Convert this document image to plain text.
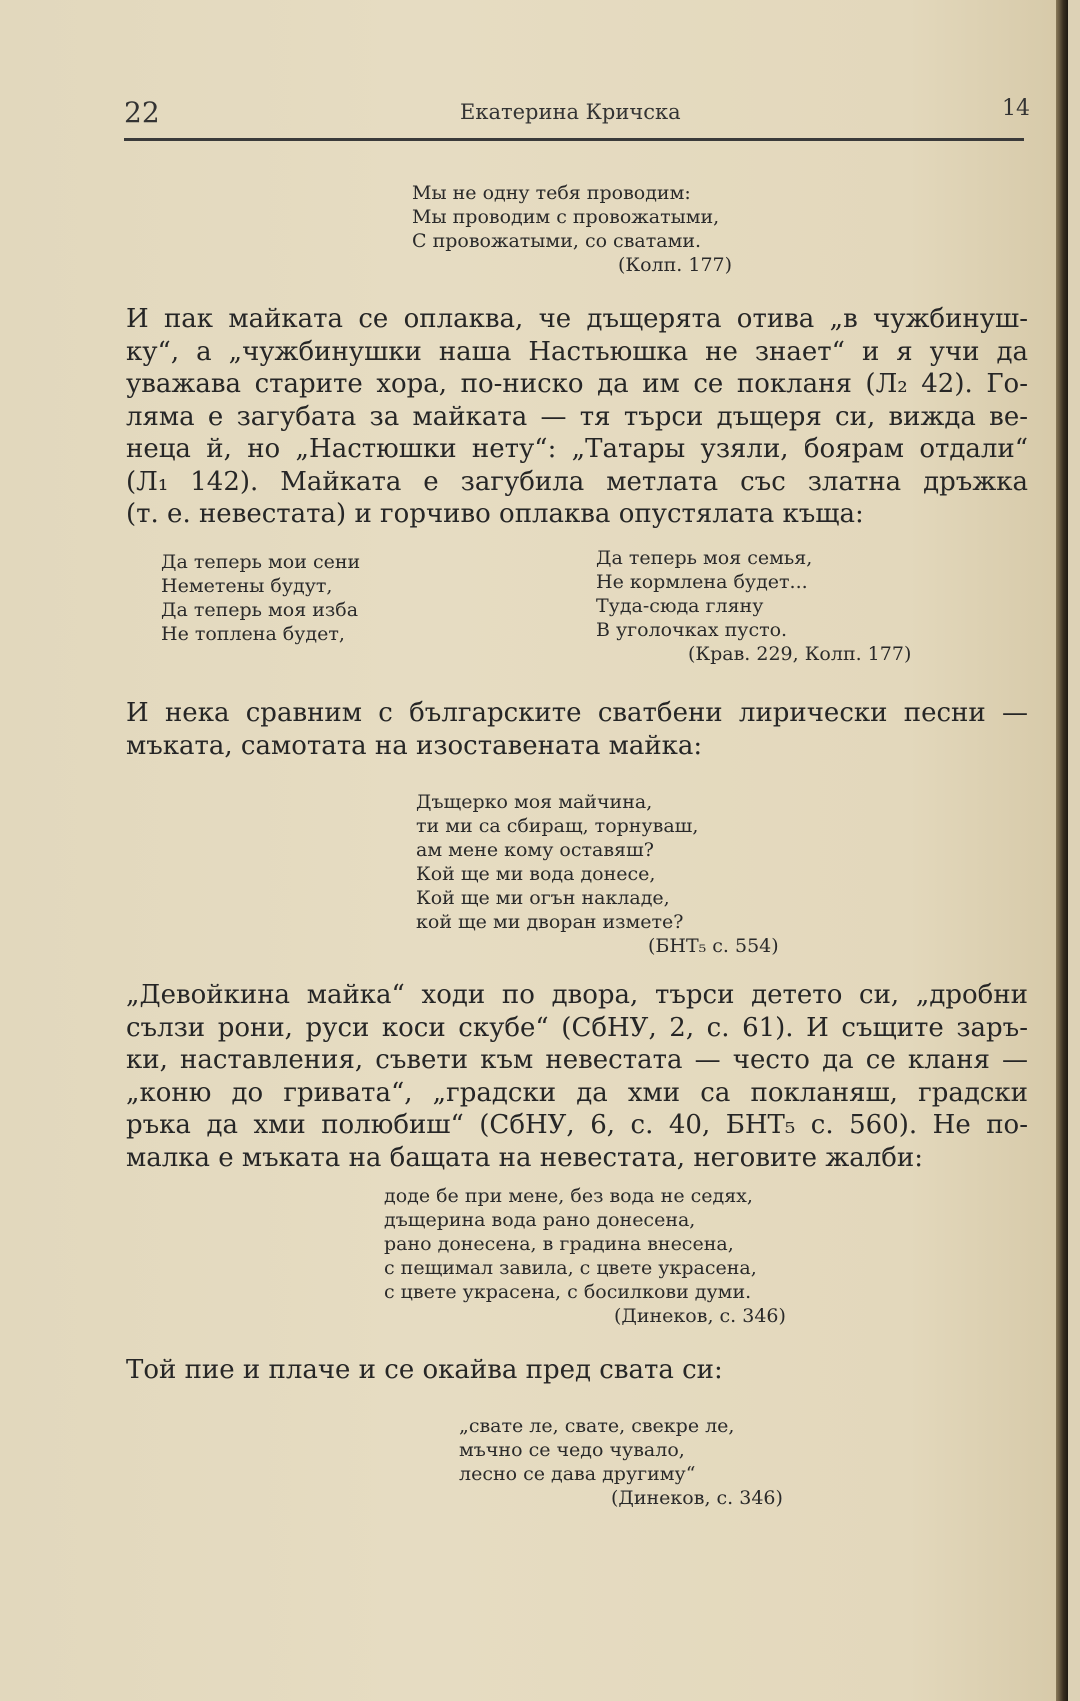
22	Екатерина Кричска	14
Мы не одну тебя проводим:
Мы проводим с провожатыми,
С провожатыми, со сватами.
(Колп. 177)
И пак майката се оплаква, че дъщерята отива „в чужбинуш-
ку“, а „чужбинушки наша Настьюшка не знает“ и я учи да
уважава старите хора, по-ниско да им се покланя (Л₂ 42). Го-
ляма е загубата за майката — тя търси дъщеря си, вижда ве-
неца й, но „Настюшки нету“: „Татары узяли, боярам отдали“
(Л₁ 142). Майката е загубила метлата със златна дръжка
(т. е. невестата) и горчиво оплаква опустялата къща:
Да теперь мои сени
Неметены будут,
Да теперь моя изба
Не топлена будет,
Да теперь моя семья,
Не кормлена будет...
Туда-сюда гляну
В уголочках пусто.
(Крав. 229, Колп. 177)
И нека сравним с българските сватбени лирически песни —
мъката, самотата на изоставената майка:
Дъщерко моя майчина,
ти ми са сбиращ, торнуваш,
ам мене кому оставяш?
Кой ще ми вода донесе,
Кой ще ми огън накладе,
кой ще ми дворан измете?
(БНТ₅ с. 554)
„Девойкина майка“ ходи по двора, търси детето си, „дробни
сълзи рони, руси коси скубе“ (СбНУ, 2, с. 61). И същите заръ-
ки, наставления, съвети към невестата — често да се кланя —
„коню до гривата“, „градски да хми са покланяш, градски
ръка да хми полюбиш“ (СбНУ, 6, с. 40, БНТ₅ с. 560). Не по-
малка е мъката на бащата на невестата, неговите жалби:
доде бе при мене, без вода не седях,
дъщерина вода рано донесена,
рано донесена, в градина внесена,
с пещимал завила, с цвете украсена,
с цвете украсена, с босилкови думи.
(Динеков, с. 346)
Той пие и плаче и се окайва пред свата си:
„свате ле, свате, свекре ле,
мъчно се чедо чувало,
лесно се дава другиму“
(Динеков, с. 346)
